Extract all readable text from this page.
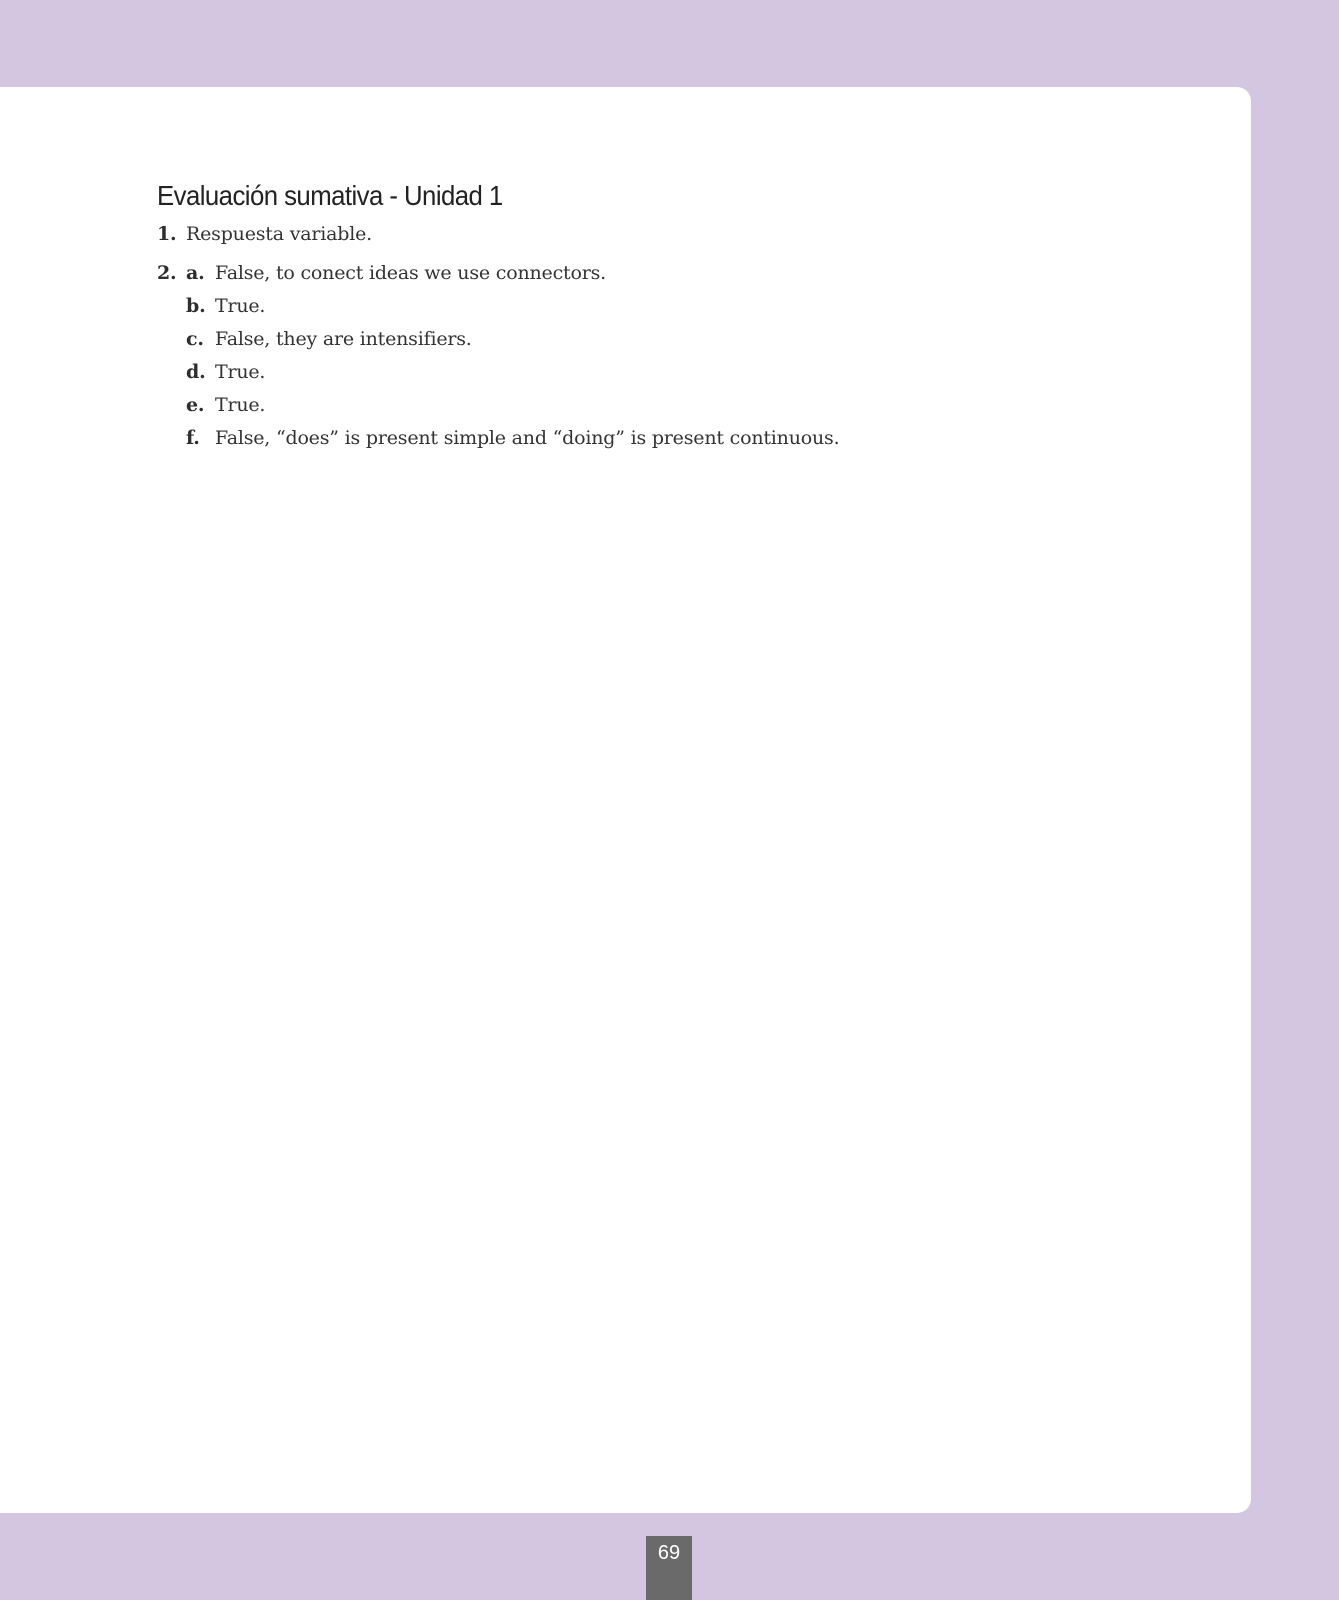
Evaluación sumativa - Unidad 1
1. Respuesta variable.
2. a. False, to conect ideas we use connectors.
b. True.
c. False, they are intensifiers.
d. True.
e. True.
f. False, “does” is present simple and “doing” is present continuous.
69
